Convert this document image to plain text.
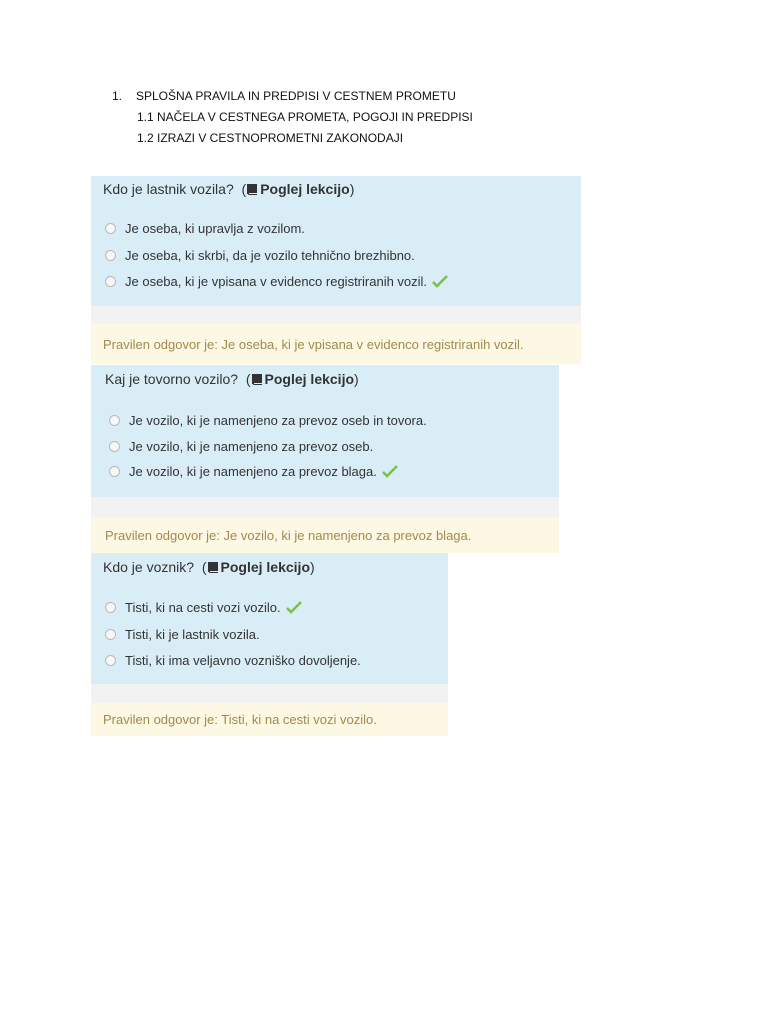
1. SPLOŠNA PRAVILA IN PREDPISI V CESTNEM PROMETU
1.1 NAČELA V CESTNEGA PROMETA, POGOJI IN PREDPISI
1.2 IZRAZI V CESTNOPROMETNI ZAKONODAJI
Kdo je lastnik vozila?  ( Poglej lekcijo)
Je oseba, ki upravlja z vozilom.
Je oseba, ki skrbi, da je vozilo tehnično brezhibno.
Je oseba, ki je vpisana v evidenco registriranih vozil.
Pravilen odgovor je: Je oseba, ki je vpisana v evidenco registriranih vozil.
Kaj je tovorno vozilo?  ( Poglej lekcijo)
Je vozilo, ki je namenjeno za prevoz oseb in tovora.
Je vozilo, ki je namenjeno za prevoz oseb.
Je vozilo, ki je namenjeno za prevoz blaga.
Pravilen odgovor je: Je vozilo, ki je namenjeno za prevoz blaga.
Kdo je voznik?  ( Poglej lekcijo)
Tisti, ki na cesti vozi vozilo.
Tisti, ki je lastnik vozila.
Tisti, ki ima veljavno vozniško dovoljenje.
Pravilen odgovor je: Tisti, ki na cesti vozi vozilo.
